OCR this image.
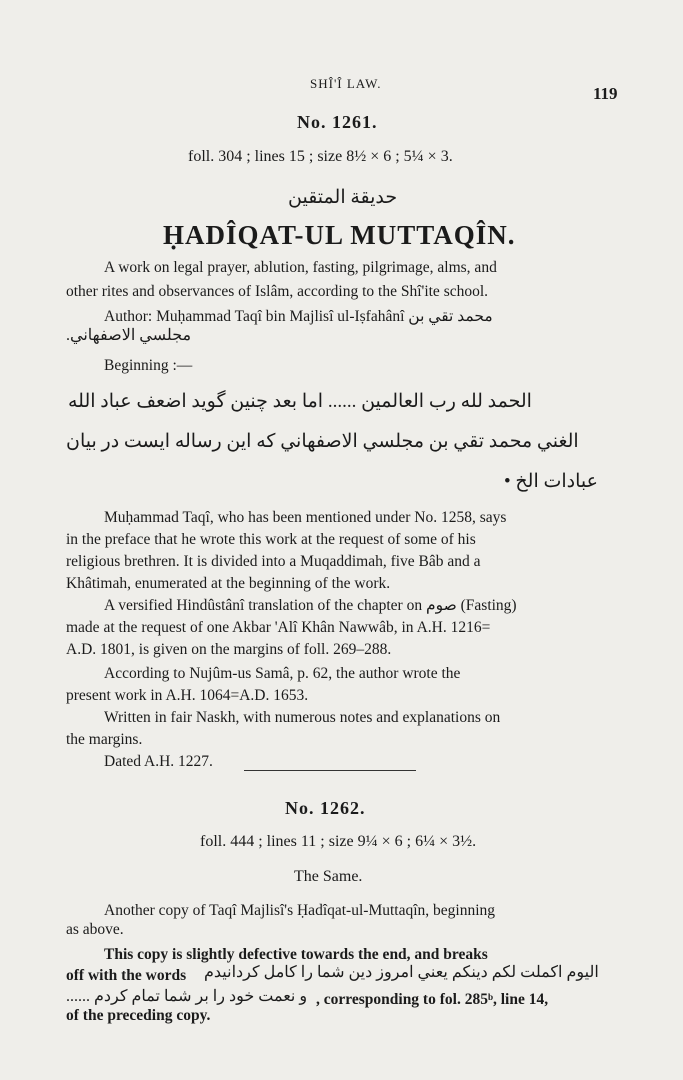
SHÎ'Î LAW.
119
No. 1261.
foll. 304 ; lines 15 ; size 8½ × 6 ; 5¼ × 3.
حديقة المتقين
ḤADÎQAT-UL MUTTAQÎN.
A work on legal prayer, ablution, fasting, pilgrimage, alms, and
other rites and observances of Islâm, according to the Shî'ite school.
Author: Muḥammad Taqî bin Majlisî ul-Iṣfahânî محمد تقي بن
مجلسي الاصفهاني.
Beginning :—
الحمد لله رب العالمين ...... اما بعد چنين گويد اضعف عباد الله
الغني محمد تقي بن مجلسي الاصفهاني كه اين رساله ايست در بيان
عبادات الخ •
Muḥammad Taqî, who has been mentioned under No. 1258, says
in the preface that he wrote this work at the request of some of his
religious brethren. It is divided into a Muqaddimah, five Bâb and a
Khâtimah, enumerated at the beginning of the work.
A versified Hindûstânî translation of the chapter on صوم (Fasting)
made at the request of one Akbar 'Alî Khân Nawwâb, in A.H. 1216=
A.D. 1801, is given on the margins of foll. 269–288.
According to Nujûm-us Samâ, p. 62, the author wrote the
present work in A.H. 1064=A.D. 1653.
Written in fair Naskh, with numerous notes and explanations on
the margins.
Dated A.H. 1227.
No. 1262.
foll. 444 ; lines 11 ; size 9¼ × 6 ; 6¼ × 3½.
The Same.
Another copy of Taqî Majlisî's Ḥadîqat-ul-Muttaqîn, beginning
as above.
This copy is slightly defective towards the end, and breaks
off with the words اليوم اكملت لكم دينكم يعني امروز دين شما را كامل كردانيدم
و نعمت خود را بر شما تمام كردم ...... , corresponding to fol. 285ᵇ, line 14,
of the preceding copy.
